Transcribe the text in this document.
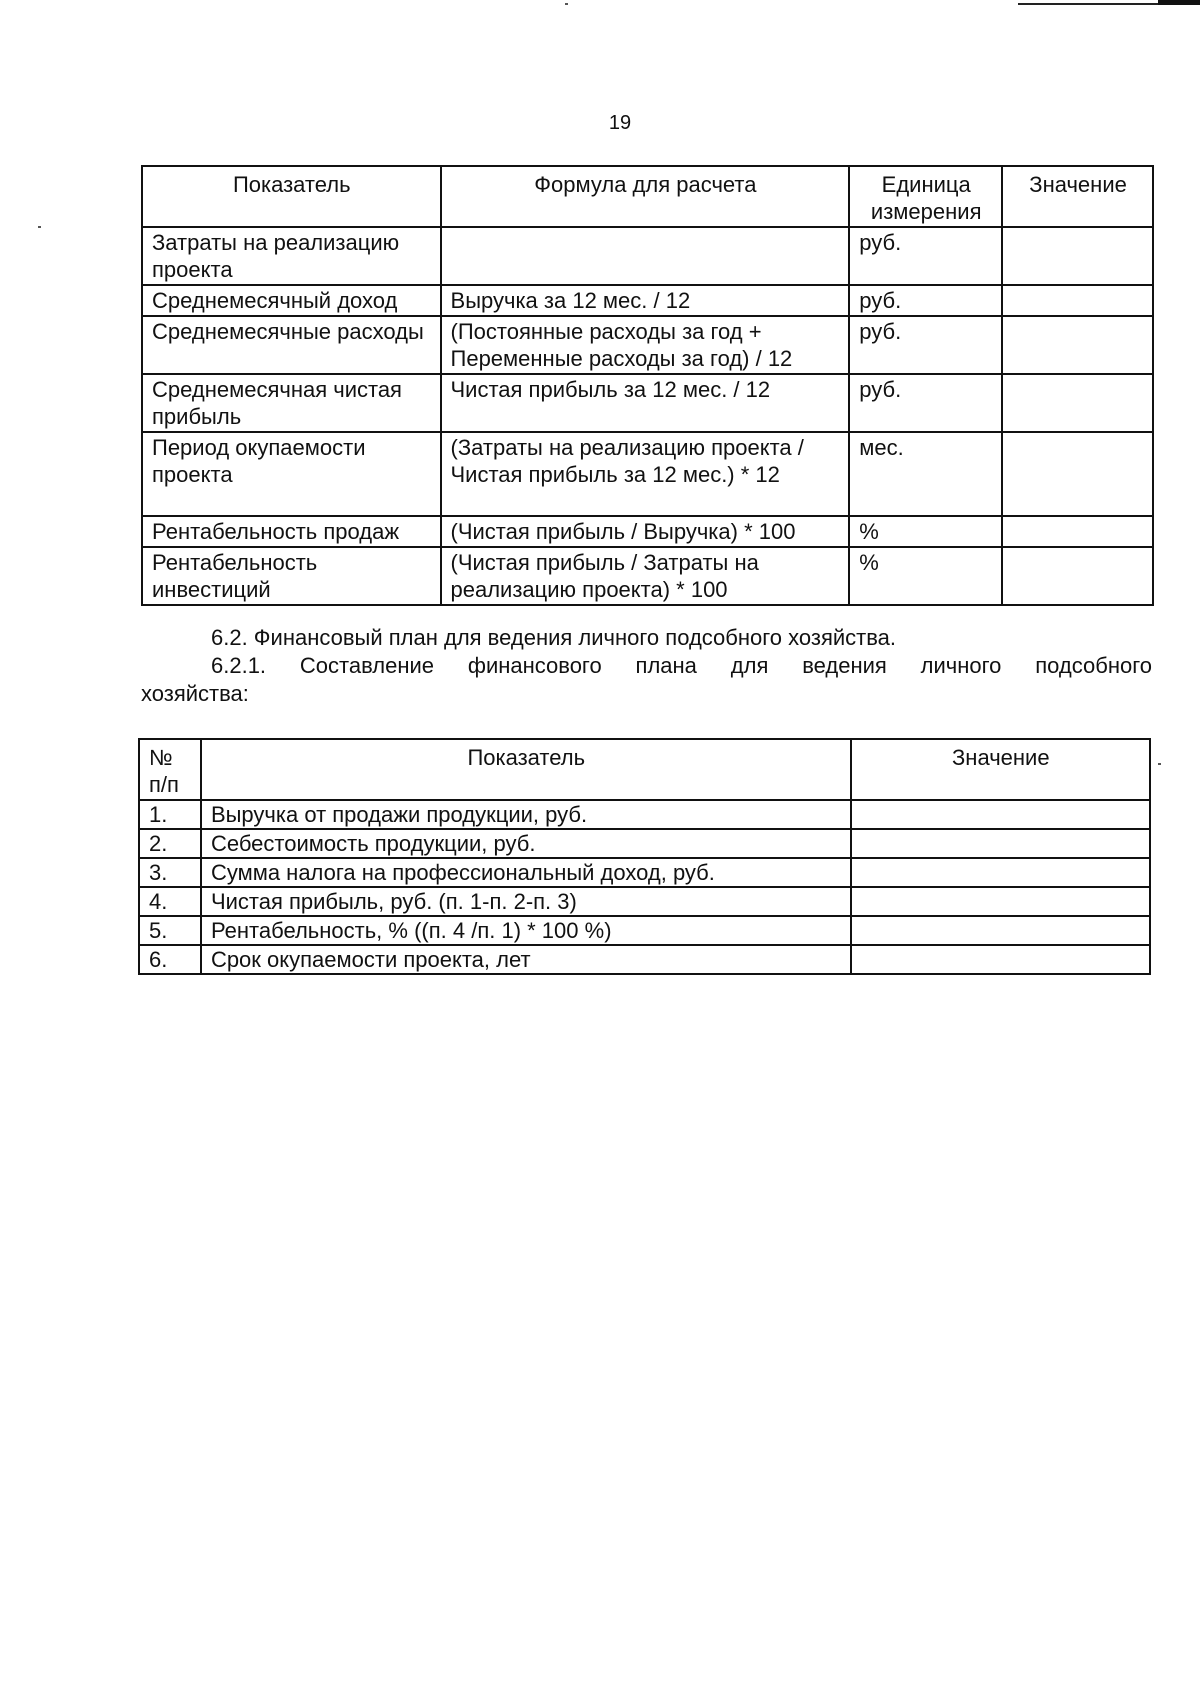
19
Показатель	Формула для расчета	Единица измерения	Значение
Затраты на реализацию проекта		руб.	
Среднемесячный доход	Выручка за 12 мес. / 12	руб.	
Среднемесячные расходы	(Постоянные расходы за год + Переменные расходы за год) / 12	руб.	
Среднемесячная чистая прибыль	Чистая прибыль за 12 мес. / 12	руб.	
Период окупаемости проекта	(Затраты на реализацию проекта / Чистая прибыль за 12 мес.) * 12	мес.	
Рентабельность продаж	(Чистая прибыль / Выручка) * 100	%	
Рентабельность инвестиций	(Чистая прибыль / Затраты на реализацию проекта) * 100	%	

6.2. Финансовый план для ведения личного подсобного хозяйства.

6.2.1. Составление финансового плана для ведения личного подсобного

хозяйства:

№ п/п	Показатель	Значение
1.	Выручка от продажи продукции, руб.	
2.	Себестоимость продукции, руб.	
3.	Сумма налога на профессиональный доход, руб.	
4.	Чистая прибыль, руб. (п. 1-п. 2-п. 3)	
5.	Рентабельность, % ((п. 4 /п. 1) * 100 %)	
6.	Срок окупаемости проекта, лет	
